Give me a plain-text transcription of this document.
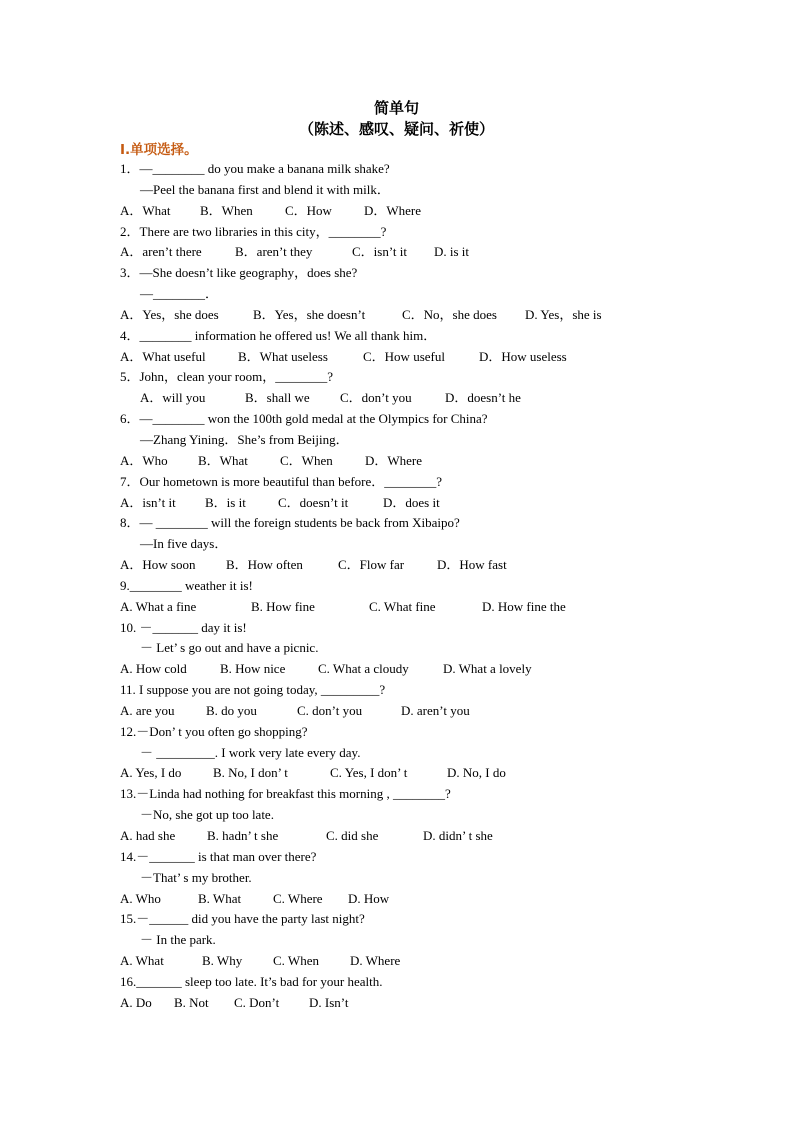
简单句
（陈述、感叹、疑问、祈使）
I.单项选择。
1．—________ do you make a banana milk shake?
—Peel the banana first and blend it with milk．
A．What B．When C．How D．Where
2．There are two libraries in this city，________?
A．aren’t there	B．aren’t they	C．isn’t it D. is it
3．—She doesn’t like geography，does she?
—________．
A．Yes，she does	B．Yes，she doesn’t	C．No，she does D. Yes，she is
4．________ information he offered us! We all thank him．
A．What useful B．What useless	C．How useful	D．How useless
5．John，clean your room，________?
A．will you	B．shall we C．don’t you	D．doesn’t he
6．—________ won the 100th gold medal at the Olympics for China?
—Zhang Yining．She’s from Beijing．
A．Who B．What C．When D．Where
7．Our hometown is more beautiful than before．________?
A．isn’t it B．is it C．doesn’t it	D．does it
8．— ________ will the foreign students be back from Xibaipo?
—In five days．
A．How soon B．How often	C．Flow far	D．How fast
9.________ weather it is!
A. What a fine	B. How fine	C. What fine	D. How fine the
10. －_______ day it is!
－ Let’ s go out and have a picnic.
A. How cold	B. How nice	C. What a cloudy	D. What a lovely
11. I suppose you are not going today, _________?
A. are you B. do you	C. don’t you	D. aren’t you
12.－Don’ t you often go shopping?
－ _________. I work very late every day.
A. Yes, I do B. No, I don’ t	C. Yes, I don’ t	D. No, I do
13.－Linda had nothing for breakfast this morning , ________?
－No, she got up too late.
A. had she B. hadn’ t she	C. did she	D. didn’ t she
14.－_______ is that man over there?
－That’ s my brother.
A. Who	B. What C. Where D. How
15.－______ did you have the party last night?
－ In the park.
A. What	B. Why C. When D. Where
16._______ sleep too late. It’s bad for your health.
A. Do B. Not C. Don’t D. Isn’t
